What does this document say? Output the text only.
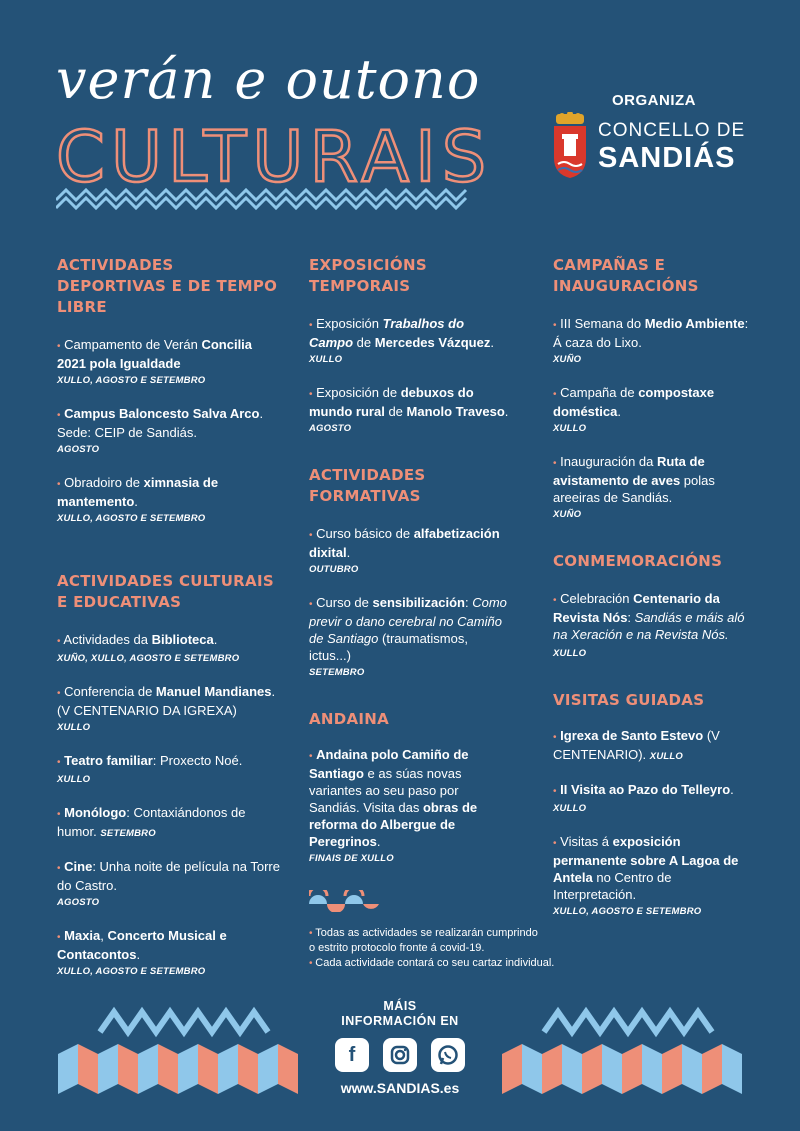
verán e outono
CULTURAIS
ORGANIZA
CONCELLO DE
SANDIÁS
ACTIVIDADES DEPORTIVAS E DE TEMPO LIBRE
• Campamento de Verán Concilia 2021 pola Igualdade
XULLO, AGOSTO E SETEMBRO
• Campus Baloncesto Salva Arco. Sede: CEIP de Sandiás.
AGOSTO
• Obradoiro de ximnasia de mantemento.
XULLO, AGOSTO E SETEMBRO
ACTIVIDADES CULTURAIS E EDUCATIVAS
• Actividades da Biblioteca.
XUÑO, XULLO, AGOSTO E SETEMBRO
• Conferencia de Manuel Mandianes. (V CENTENARIO DA IGREXA)
XULLO
• Teatro familiar: Proxecto Noé.
XULLO
• Monólogo: Contaxiándonos de humor. SETEMBRO
• Cine: Unha noite de película na Torre do Castro.
AGOSTO
• Maxia, Concerto Musical e Contacontos.
XULLO, AGOSTO E SETEMBRO
EXPOSICIÓNS TEMPORAIS
• Exposición Trabalhos do Campo de Mercedes Vázquez.
XULLO
• Exposición de debuxos do mundo rural de Manolo Traveso.
AGOSTO
ACTIVIDADES FORMATIVAS
• Curso básico de alfabetización dixital.
OUTUBRO
• Curso de sensibilización: Como previr o dano cerebral no Camiño de Santiago (traumatismos, ictus...)
SETEMBRO
ANDAINA
• Andaina polo Camiño de Santiago e as súas novas variantes ao seu paso por Sandiás. Visita das obras de reforma do Albergue de Peregrinos.
FINAIS DE XULLO
CAMPAÑAS E INAUGURACIÓNS
• III Semana do Medio Ambiente: Á caza do Lixo.
XUÑO
• Campaña de compostaxe doméstica.
XULLO
• Inauguración da Ruta de avistamento de aves polas areeiras de Sandiás.
XUÑO
CONMEMORACIÓNS
• Celebración Centenario da Revista Nós: Sandiás e máis aló na Xeración e na Revista Nós. XULLO
VISITAS GUIADAS
• Igrexa de Santo Estevo (V CENTENARIO). XULLO
• II Visita ao Pazo do Telleyro.
XULLO
• Visitas á exposición permanente sobre A Lagoa de Antela no Centro de Interpretación.
XULLO, AGOSTO E SETEMBRO
• Todas as actividades se realizarán cumprindo
o estrito protocolo fronte á covid-19.
• Cada actividade contará co seu cartaz individual.
MÁIS
INFORMACIÓN EN
f
www.SANDIAS.es
